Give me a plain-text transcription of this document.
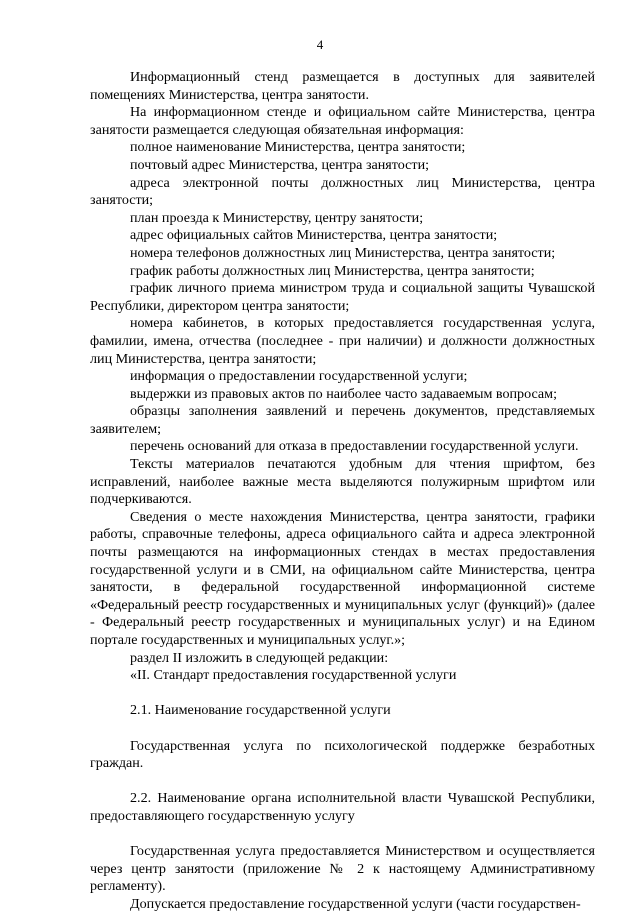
4

Информационный стенд размещается в доступных для заявителей помещениях Министерства, центра занятости.

На информационном стенде и официальном сайте Министерства, центра занятости размещается следующая обязательная информация:

полное наименование Министерства, центра занятости;

почтовый адрес Министерства, центра занятости;

адреса электронной почты должностных лиц Министерства, центра занятости;

план проезда к Министерству, центру занятости;

адрес официальных сайтов Министерства, центра занятости;

номера телефонов должностных лиц Министерства, центра занятости;

график работы должностных лиц Министерства, центра занятости;

график личного приема министром труда и социальной защиты Чувашской Республики, директором центра занятости;

номера кабинетов, в которых предоставляется государственная услуга, фамилии, имена, отчества (последнее - при наличии) и должности должностных лиц Министерства, центра занятости;

информация о предоставлении государственной услуги;

выдержки из правовых актов по наиболее часто задаваемым вопросам;

образцы заполнения заявлений и перечень документов, представляемых заявителем;

перечень оснований для отказа в предоставлении государственной услуги.

Тексты материалов печатаются удобным для чтения шрифтом, без исправлений, наиболее важные места выделяются полужирным шрифтом или подчеркиваются.

Сведения о месте нахождения Министерства, центра занятости, графики работы, справочные телефоны, адреса официального сайта и адреса электронной почты размещаются на информационных стендах в местах предоставления государственной услуги и в СМИ, на официальном сайте Министерства, центра занятости, в федеральной государственной информационной системе «Федеральный реестр государственных и муниципальных услуг (функций)» (далее - Федеральный реестр государственных и муниципальных услуг) и на Едином портале государственных и муниципальных услуг.»;

раздел II изложить в следующей редакции:

«II. Стандарт предоставления государственной услуги

2.1. Наименование государственной услуги

Государственная услуга по психологической поддержке безработных граждан.

2.2. Наименование органа исполнительной власти Чувашской Республики, предоставляющего государственную услугу

Государственная услуга предоставляется Министерством и осуществляется через центр занятости (приложение № 2 к настоящему Административному регламенту).

Допускается предоставление государственной услуги (части государствен-
